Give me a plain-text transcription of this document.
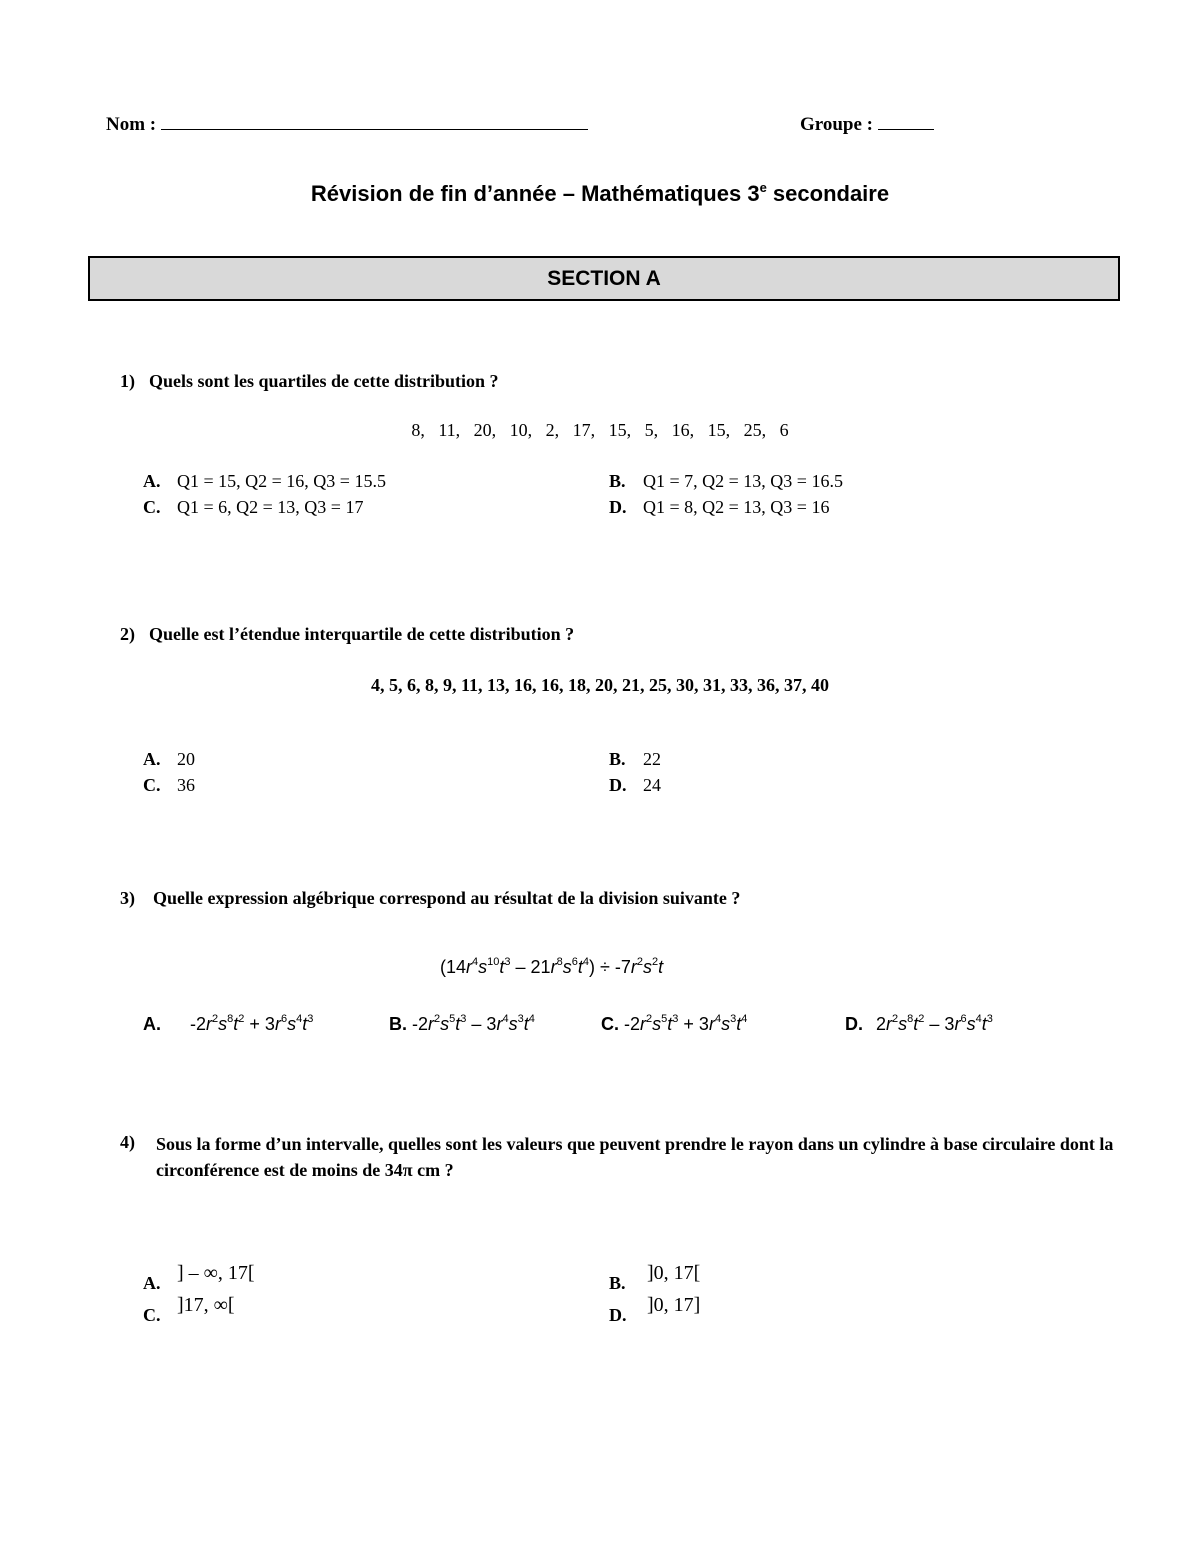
Nom :	Groupe :
Révision de fin d’année – Mathématiques 3e secondaire
SECTION A
1) Quels sont les quartiles de cette distribution ?
8,   11,   20,   10,   2,   17,   15,   5,   16,   15,   25,   6
A. Q1 = 15, Q2 = 16, Q3 = 15.5	B. Q1 = 7, Q2 = 13, Q3 = 16.5
C. Q1 = 6, Q2 = 13, Q3 = 17	D. Q1 = 8, Q2 = 13, Q3 = 16
2) Quelle est l’étendue interquartile de cette distribution ?
4, 5, 6, 8, 9, 11, 13, 16, 16, 18, 20, 21, 25, 30, 31, 33, 36, 37, 40
A. 20	B. 22
C. 36	D. 24
3) Quelle expression algébrique correspond au résultat de la division suivante ?
$(14r^4s^{10}t^3 - 21r^8s^6t^4) \div -7r^2s^2t$
A. $-2r^2s^8t^2 + 3r^6s^4t^3$	B. $-2r^2s^5t^3 - 3r^4s^3t^4$	C. $-2r^2s^5t^3 + 3r^4s^3t^4$	D. $2r^2s^8t^2 - 3r^6s^4t^3$
4) Sous la forme d’un intervalle, quelles sont les valeurs que peuvent prendre le rayon dans un cylindre à base circulaire dont la circonférence est de moins de 34π cm ?
A. ] – ∞, 17[	B. ]0, 17[
C. ]17, ∞[	D. ]0, 17]
